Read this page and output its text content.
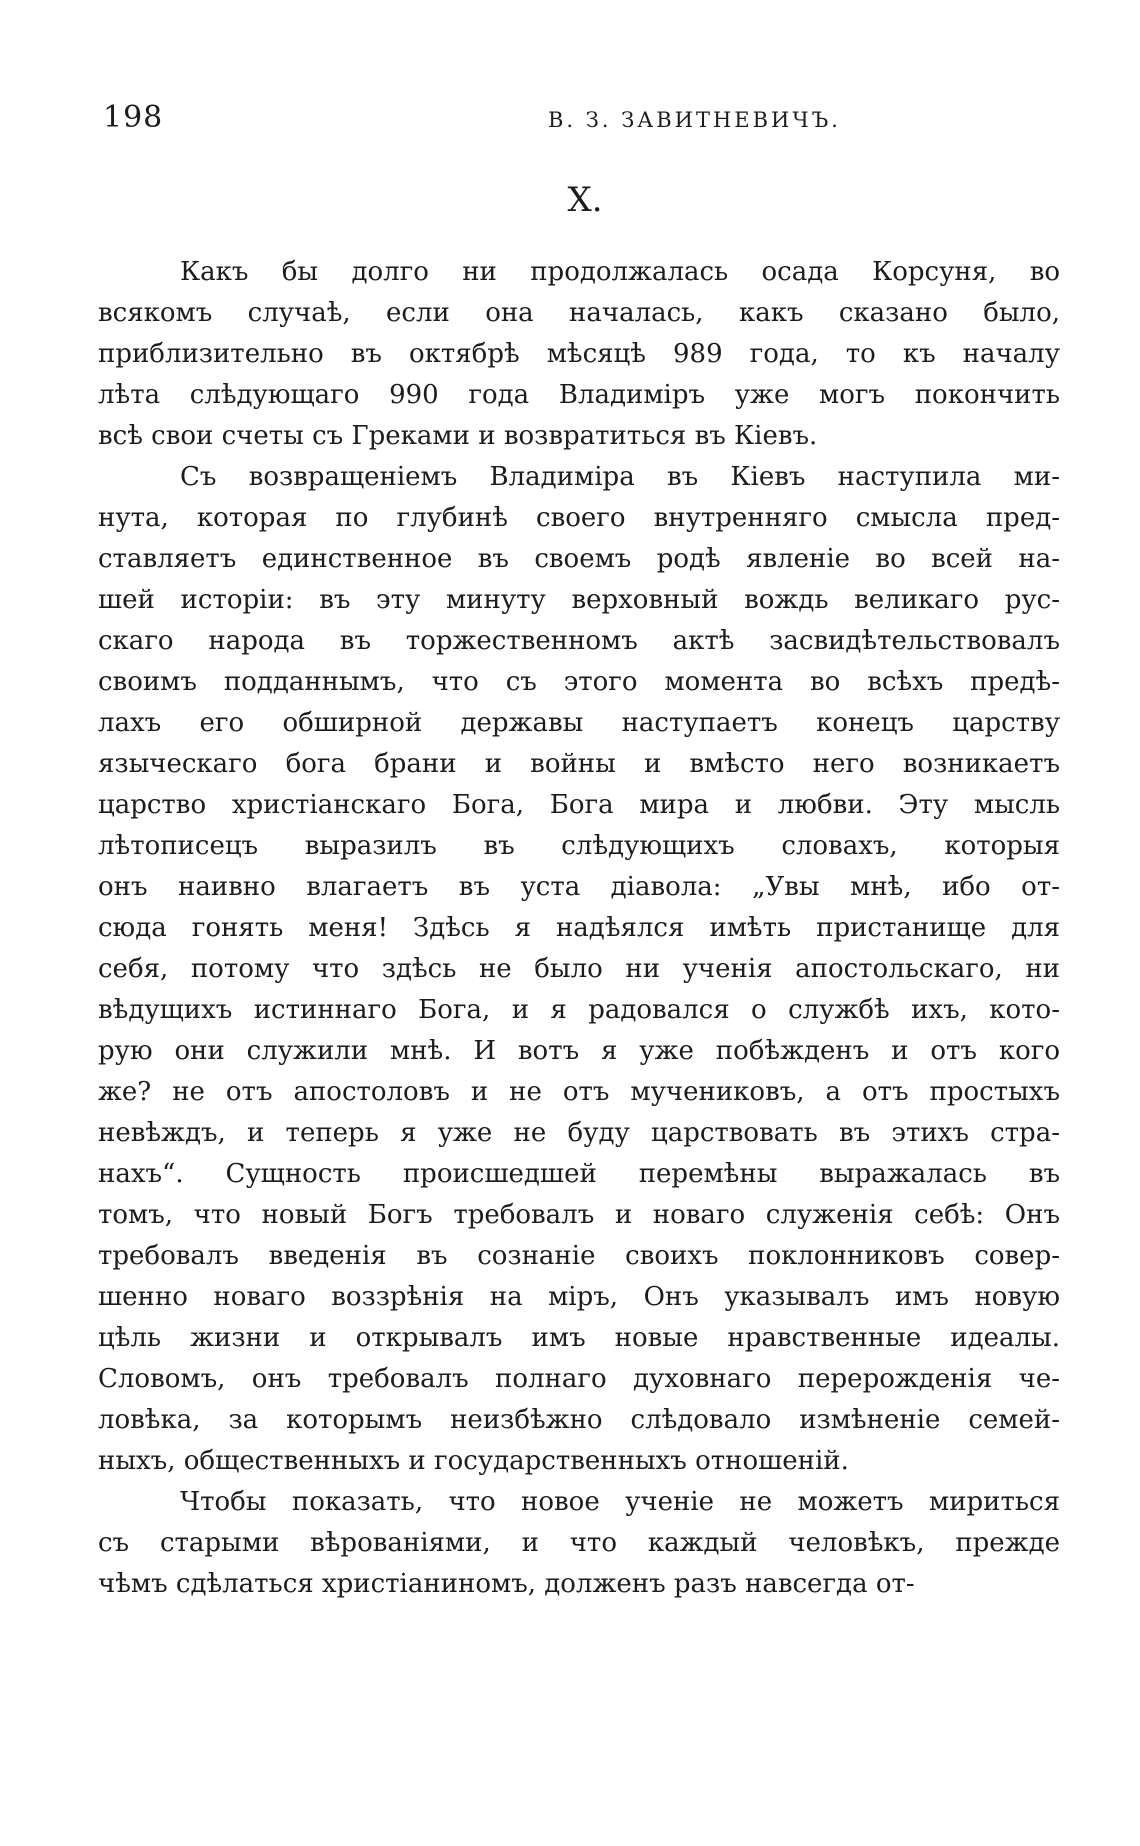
198	В. З. ЗАВИТНЕВИЧЪ.
X.
Какъ бы долго ни продолжалась осада Корсуня, во
всякомъ случаѣ, если она началась, какъ сказано было,
приблизительно въ октябрѣ мѣсяцѣ 989 года, то къ началу
лѣта слѣдующаго 990 года Владиміръ уже могъ покончить
всѣ свои счеты съ Греками и возвратиться въ Кіевъ.
Съ возвращеніемъ Владиміра въ Кіевъ наступила ми-
нута, которая по глубинѣ своего внутренняго смысла пред-
ставляетъ единственное въ своемъ родѣ явленіе во всей на-
шей исторіи: въ эту минуту верховный вождь великаго рус-
скаго народа въ торжественномъ актѣ засвидѣтельствовалъ
своимъ подданнымъ, что съ этого момента во всѣхъ предѣ-
лахъ его обширной державы наступаетъ конецъ царству
языческаго бога брани и войны и вмѣсто него возникаетъ
царство христіанскаго Бога, Бога мира и любви. Эту мысль
лѣтописецъ выразилъ въ слѣдующихъ словахъ, которыя
онъ наивно влагаетъ въ уста діавола: „Увы мнѣ, ибо от-
сюда гонять меня! Здѣсь я надѣялся имѣть пристанище для
себя, потому что здѣсь не было ни ученія апостольскаго, ни
вѣдущихъ истиннаго Бога, и я радовался о службѣ ихъ, кото-
рую они служили мнѣ. И вотъ я уже побѣжденъ и отъ кого
же? не отъ апостоловъ и не отъ мучениковъ, а отъ простыхъ
невѣждъ, и теперь я уже не буду царствовать въ этихъ стра-
нахъ“. Сущность происшедшей перемѣны выражалась въ
томъ, что новый Богъ требовалъ и новаго служенія себѣ: Онъ
требовалъ введенія въ сознаніе своихъ поклонниковъ совер-
шенно новаго воззрѣнія на міръ, Онъ указывалъ имъ новую
цѣль жизни и открывалъ имъ новые нравственные идеалы.
Словомъ, онъ требовалъ полнаго духовнаго перерожденія че-
ловѣка, за которымъ неизбѣжно слѣдовало измѣненіе семей-
ныхъ, общественныхъ и государственныхъ отношеній.
Чтобы показать, что новое ученіе не можетъ мириться
съ старыми вѣрованіями, и что каждый человѣкъ, прежде
чѣмъ сдѣлаться христіаниномъ, долженъ разъ навсегда от-
